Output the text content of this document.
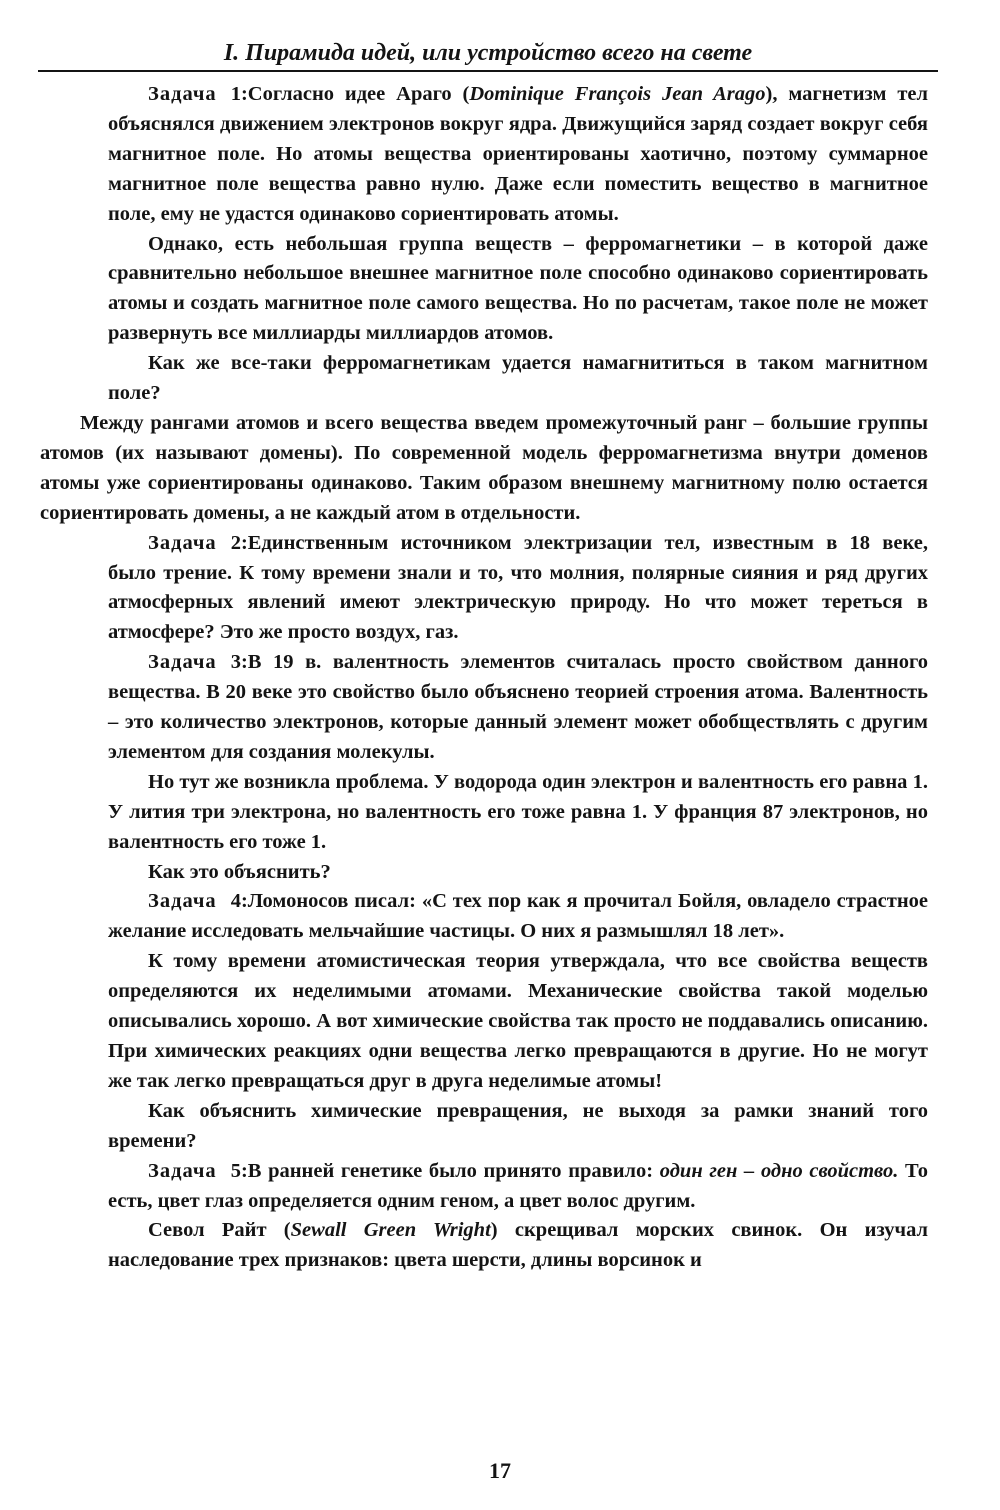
I. Пирамида идей, или устройство всего на свете

Задача 1:Согласно идее Араго (Dominique François Jean Arago), магнетизм тел объяснялся движением электронов вокруг ядра. Движущийся заряд создает вокруг себя магнитное поле. Но атомы вещества ориентированы хаотично, поэтому суммарное магнитное поле вещества равно нулю. Даже если поместить вещество в магнитное поле, ему не удастся одинаково сориентировать атомы.

Однако, есть небольшая группа веществ – ферромагнетики – в которой даже сравнительно небольшое внешнее магнитное поле способно одинаково сориентировать атомы и создать магнитное поле самого вещества. Но по расчетам, такое поле не может развернуть все миллиарды миллиардов атомов.

Как же все-таки ферромагнетикам удается намагнититься в таком магнитном поле?

Между рангами атомов и всего вещества введем промежуточный ранг – большие группы атомов (их называют домены). По современной модель ферромагнетизма внутри доменов атомы уже сориентированы одинаково. Таким образом внешнему магнитному полю остается сориентировать домены, а не каждый атом в отдельности.

Задача 2:Единственным источником электризации тел, известным в 18 веке, было трение. К тому времени знали и то, что молния, полярные сияния и ряд других атмосферных явлений имеют электрическую природу. Но что может тереться в атмосфере? Это же просто воздух, газ.

Задача 3:В 19 в. валентность элементов считалась просто свойством данного вещества. В 20 веке это свойство было объяснено теорией строения атома. Валентность – это количество электронов, которые данный элемент может обобществлять с другим элементом для создания молекулы.

Но тут же возникла проблема. У водорода один электрон и валентность его равна 1. У лития три электрона, но валентность его тоже равна 1. У франция 87 электронов, но валентность его тоже 1.

Как это объяснить?

Задача 4:Ломоносов писал: «С тех пор как я прочитал Бойля, овладело страстное желание исследовать мельчайшие частицы. О них я размышлял 18 лет».

К тому времени атомистическая теория утверждала, что все свойства веществ определяются их неделимыми атомами. Механические свойства такой моделью описывались хорошо. А вот химические свойства так просто не поддавались описанию. При химических реакциях одни вещества легко превращаются в другие. Но не могут же так легко превращаться друг в друга неделимые атомы!

Как объяснить химические превращения, не выходя за рамки знаний того времени?

Задача 5:В ранней генетике было принято правило: один ген – одно свойство. То есть, цвет глаз определяется одним геном, а цвет волос другим.

Севол Райт (Sewall Green Wright) скрещивал морских свинок. Он изучал наследование трех признаков: цвета шерсти, длины ворсинок и

17
